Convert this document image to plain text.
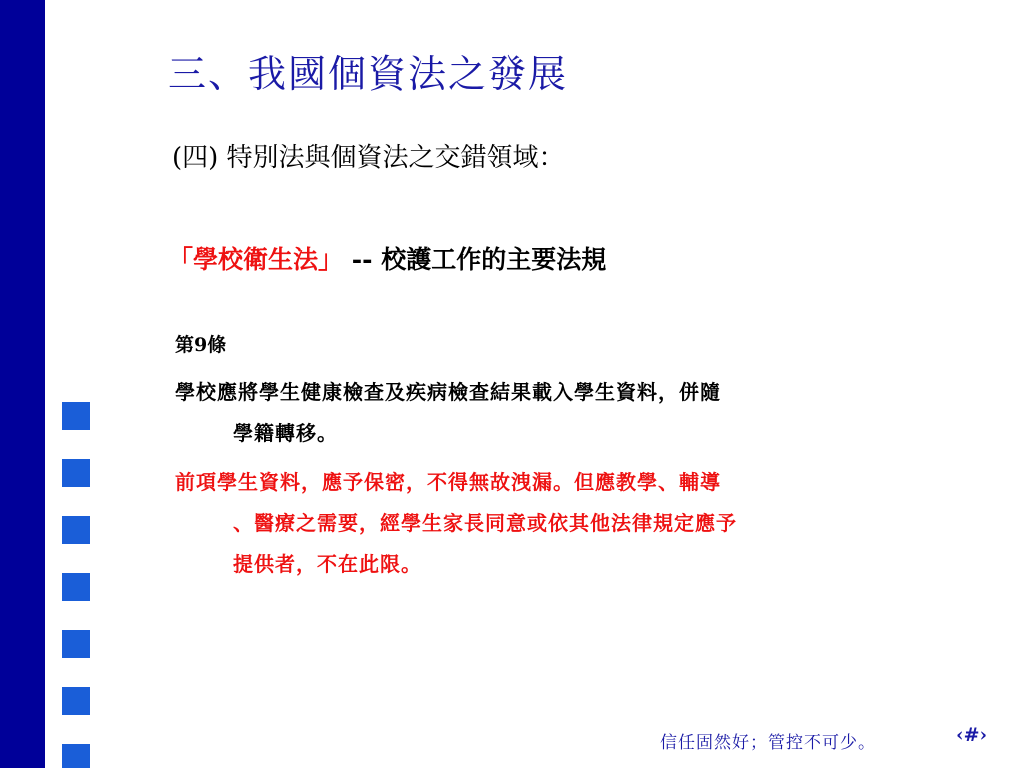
三、我國個資法之發展
(四) 特別法與個資法之交錯領域：
「學校衛生法」 -- 校護工作的主要法規
第9條
學校應將學生健康檢查及疾病檢查結果載入學生資料，併隨
學籍轉移。
前項學生資料，應予保密，不得無故洩漏。但應教學、輔導
、醫療之需要，經學生家長同意或依其他法律規定應予
提供者，不在此限。
信任固然好；管控不可少。	‹#›
